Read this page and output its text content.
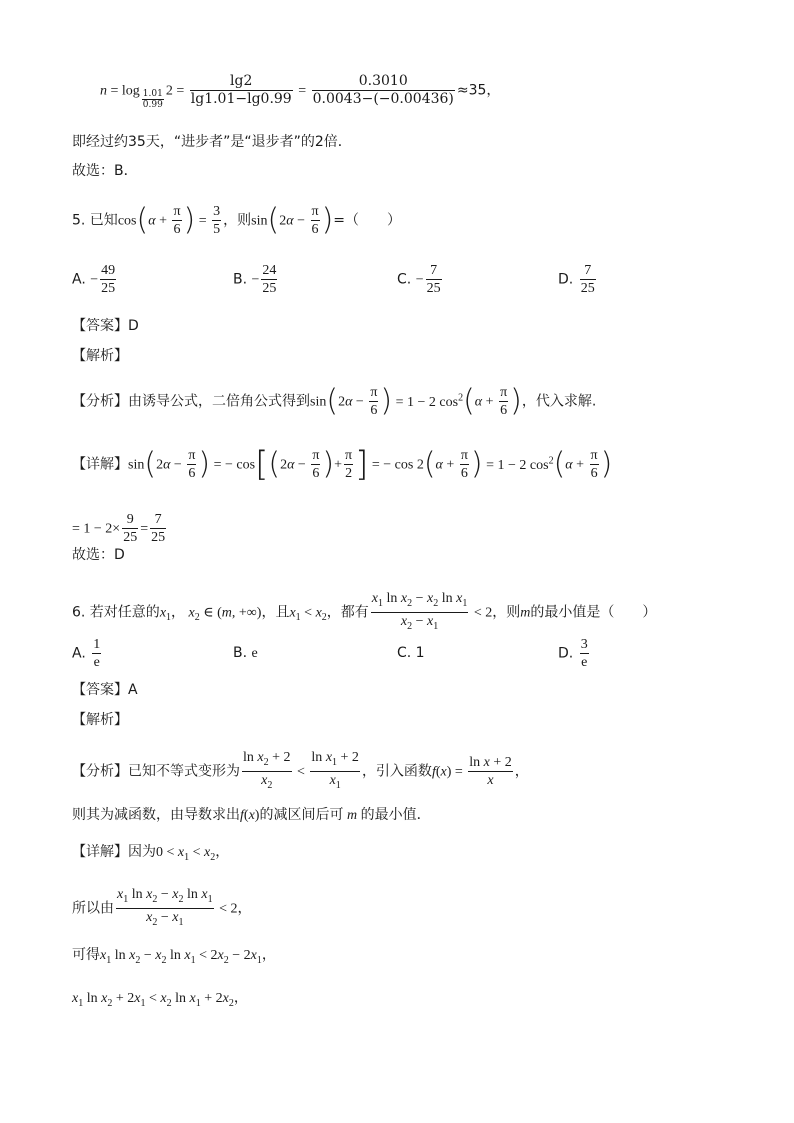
$n = \log \frac{1.01}{0.99} 2 = \frac{\lg 2}{\lg 1.01-\lg 0.99} = \frac{0.3010}{0.0043-(-0.00436)} \approx 35$，
即经过约35天，“进步者”是“退步者”的2倍．
故选：B．
5. 已知$\cos(\alpha + \frac{\pi}{6}$ ) = $\frac{3}{5}$ ，则$\sin(2\alpha - \frac{\pi}{6}$ )=（　　）
A. − $\frac{49}{25}$	B. − $\frac{24}{25}$	C. − $\frac{7}{25}$	D. $\frac{7}{25}$
【答案】D
【解析】
【分析】由诱导公式，二倍角公式得到$\sin(2\alpha - \frac{\pi}{6}$ ) = 1 − 2 $\cos^2(\alpha + \frac{\pi}{6}$ )，代入求解.
【详解】$\sin(2\alpha - \frac{\pi}{6}$ ) = − $\cos[(2\alpha - \frac{\pi}{6}$ )+ $\frac{\pi}{2}$ ] = − $\cos 2(\alpha + \frac{\pi}{6}$ ) = 1 − 2 $\cos^2(\alpha + \frac{\pi}{6}$ )
= $1 - 2\times \frac{9}{25} = \frac{7}{25}$
故选：D
6. 若对任意的$x_1$， $x_2$ ∈ (m, +∞)，且$x_1 < x_2$，都有 $\frac{x_1 \ln x_2 - x_2 \ln x_1}{x_2 - x_1} < 2$，则m的最小值是（　　）
A. $\frac{1}{e}$	B. e	C. 1	D. $\frac{3}{e}$
【答案】A
【解析】
【分析】已知不等式变形为 $\frac{\ln x_2 + 2}{x_2} < \frac{\ln x_1 + 2}{x_1}$ ，引入函数$f(x) = \frac{\text{ln x + 2}}{x}$ ，
则其为减函数，由导数求出f(x)的减区间后可 m 的最小值．
【详解】因为$0 < x_1 < x_2$，
所以由 $\frac{x_1 \ln x_2 - x_2 \ln x_1}{x_2 - x_1} < 2$，
可得$x_1$ $\ln x_2 - x_2$ $\ln x_1 < 2x_2 - 2x_1$，
$x_1$ $\ln x_2 + 2x_1 < x_2$ $\ln x_1 + 2x_2$，
